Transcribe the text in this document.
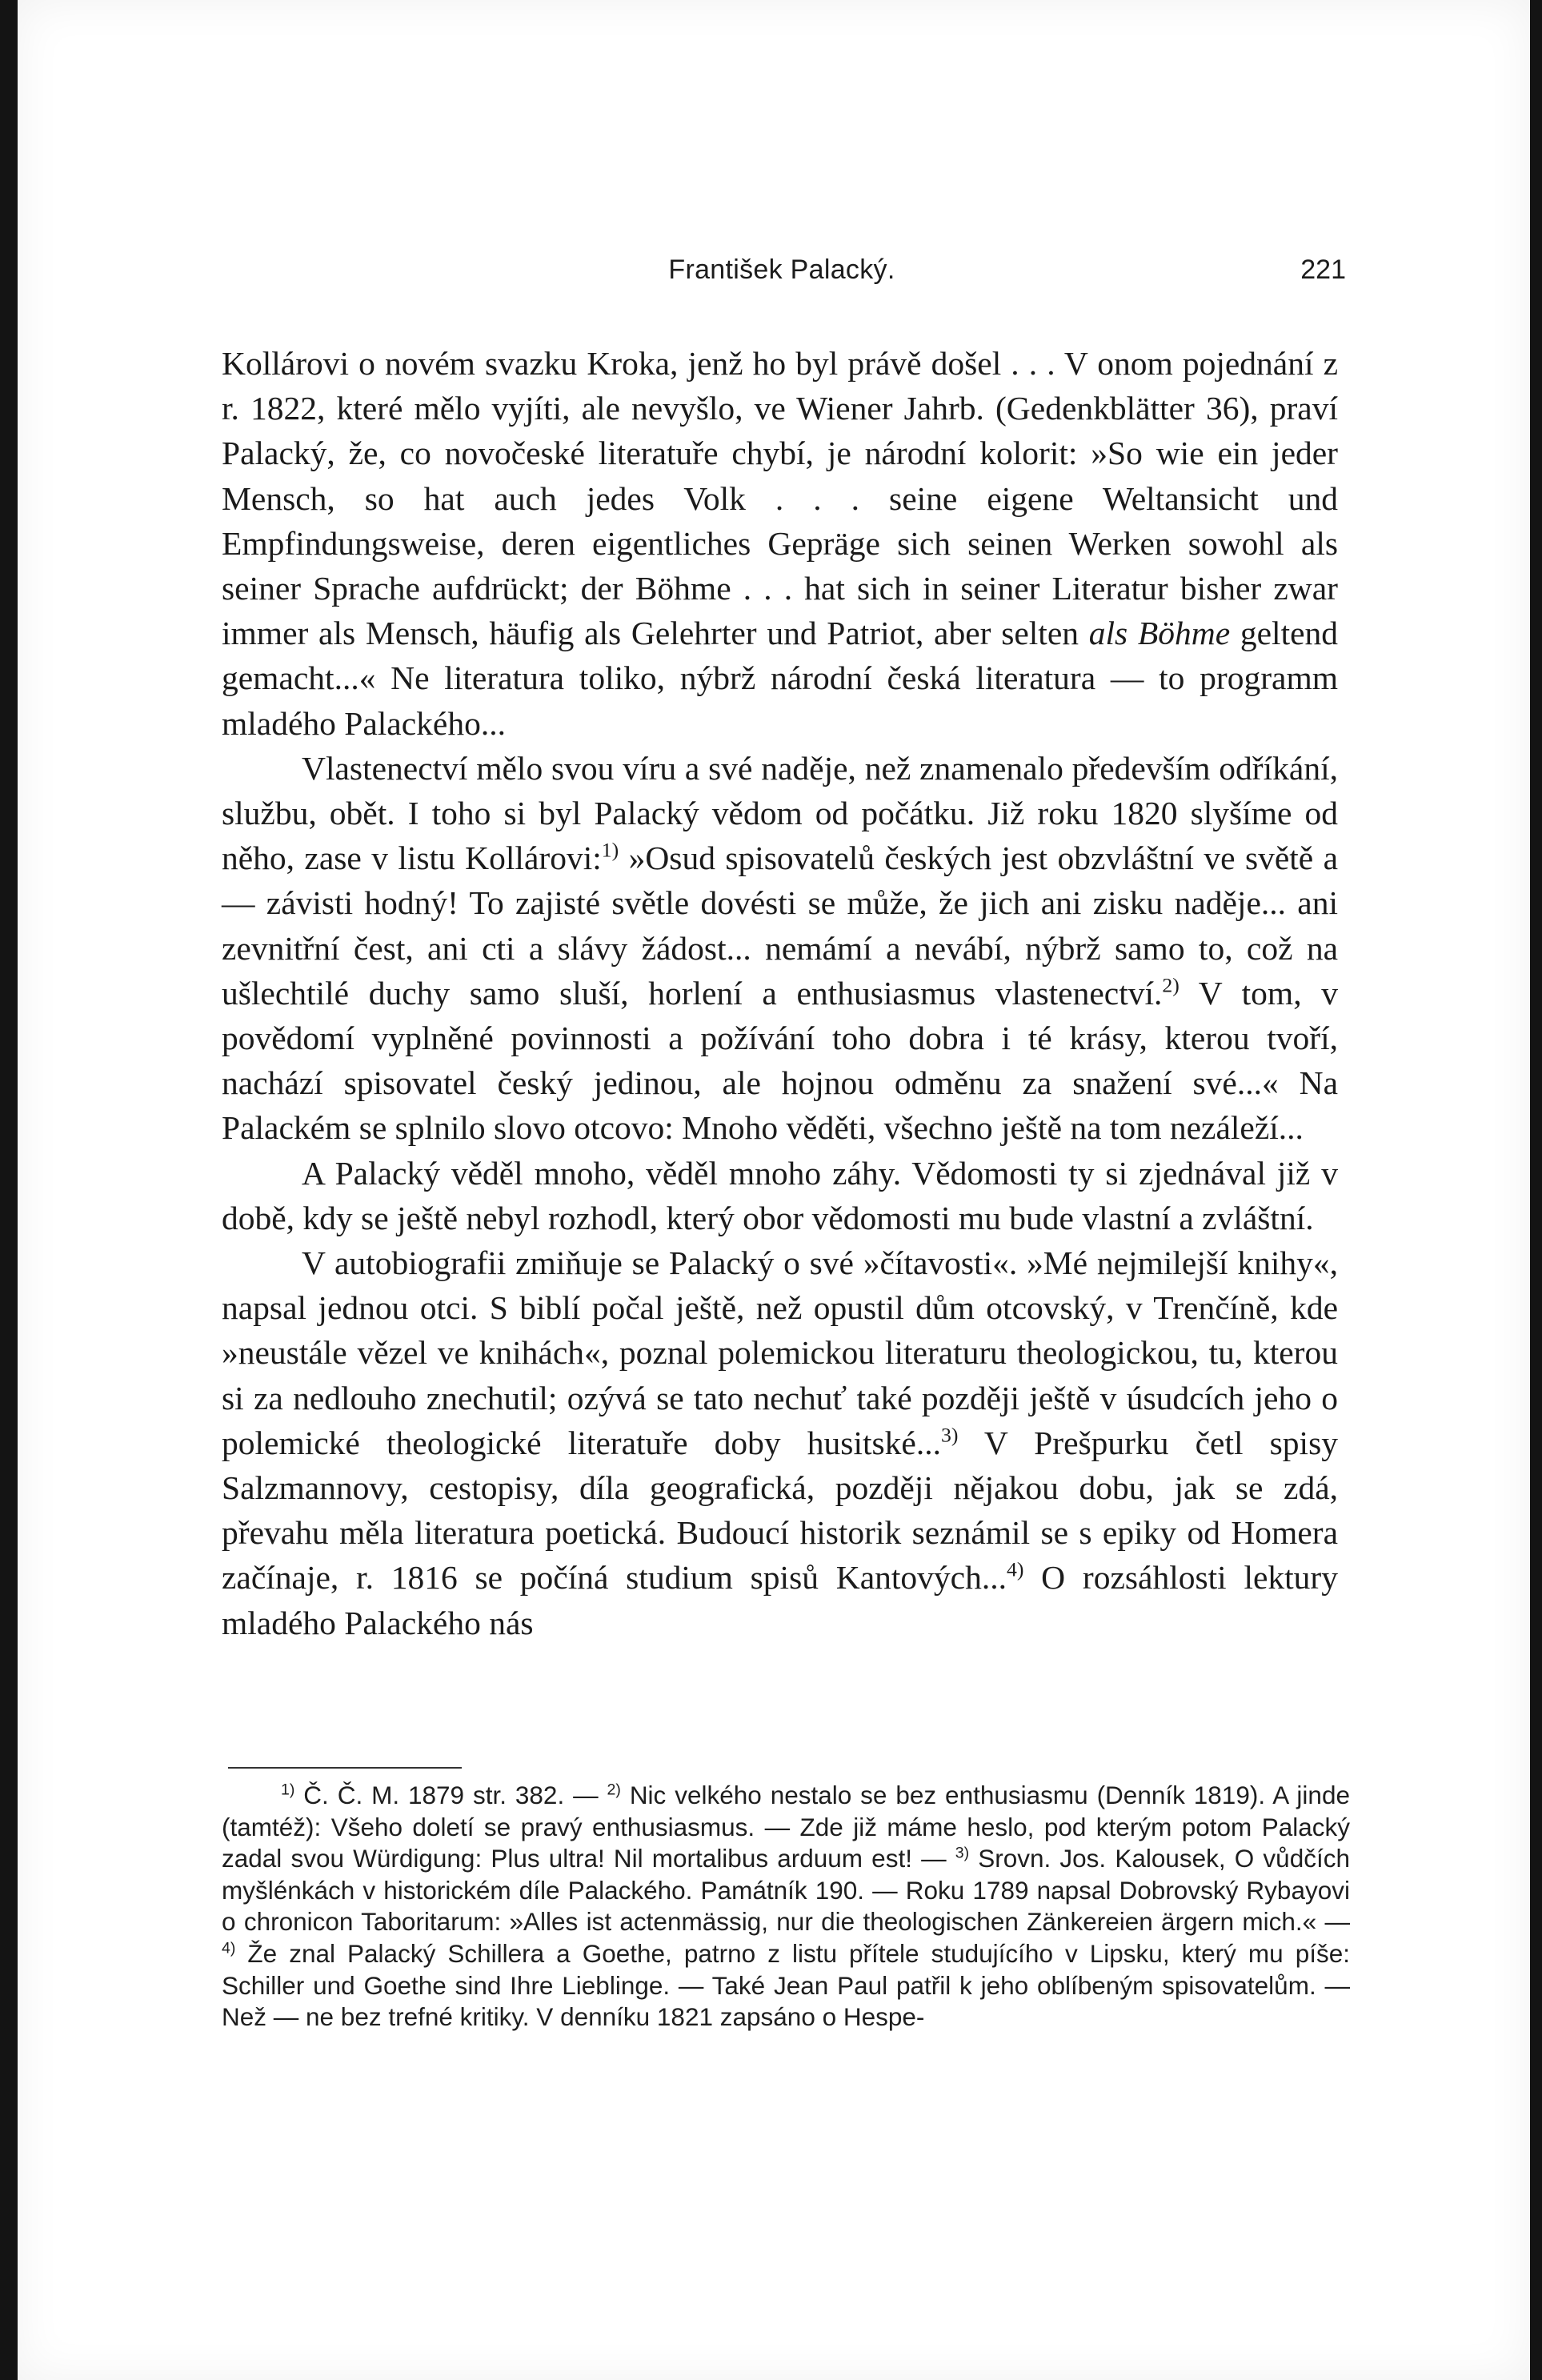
František Palacký.	221

Kollárovi o novém svazku Kroka, jenž ho byl právě došel . . . V onom pojednání z r. 1822, které mělo vyjíti, ale nevyšlo, ve Wiener Jahrb. (Gedenkblätter 36), praví Palacký, že, co novočeské literatuře chybí, je národní kolorit: »So wie ein jeder Mensch, so hat auch jedes Volk . . . seine eigene Weltansicht und Empfindungsweise, deren eigentliches Gepräge sich seinen Werken sowohl als seiner Sprache aufdrückt; der Böhme . . . hat sich in seiner Literatur bisher zwar immer als Mensch, häufig als Gelehrter und Patriot, aber selten als Böhme geltend gemacht...« Ne literatura toliko, nýbrž národní česká literatura — to programm mladého Palackého...

Vlastenectví mělo svou víru a své naděje, než znamenalo především odříkání, službu, obět. I toho si byl Palacký vědom od počátku. Již roku 1820 slyšíme od něho, zase v listu Kollárovi:$^{1)}$ »Osud spisovatelů českých jest obzvláštní ve světě a — závisti hodný! To zajisté světle dovésti se může, že jich ani zisku naděje... ani zevnitřní čest, ani cti a slávy žádost... nemámí a nevábí, nýbrž samo to, což na ušlechtilé duchy samo sluší, horlení a enthusiasmus vlastenectví.$^{2)}$ V tom, v povědomí vyplněné povinnosti a požívání toho dobra i té krásy, kterou tvoří, nachází spisovatel český jedinou, ale hojnou odměnu za snažení své...« Na Palackém se splnilo slovo otcovo: Mnoho věděti, všechno ještě na tom nezáleží...

A Palacký věděl mnoho, věděl mnoho záhy. Vědomosti ty si zjednával již v době, kdy se ještě nebyl rozhodl, který obor vědomosti mu bude vlastní a zvláštní.

V autobiografii zmiňuje se Palacký o své »čítavosti«. »Mé nejmilejší knihy«, napsal jednou otci. S biblí počal ještě, než opustil dům otcovský, v Trenčíně, kde »neustále vězel ve knihách«, poznal polemickou literaturu theologickou, tu, kterou si za nedlouho znechutil; ozývá se tato nechuť také později ještě v úsudcích jeho o polemické theologické literatuře doby husitské...$^{3)}$ V Prešpurku četl spisy Salzmannovy, cestopisy, díla geografická, později nějakou dobu, jak se zdá, převahu měla literatura poetická. Budoucí historik seznámil se s epiky od Homera začínaje, r. 1816 se počíná studium spisů Kantových...$^{4)}$ O rozsáhlosti lektury mladého Palackého nás

$^{1)}$ Č. Č. M. 1879 str. 382. — $^{2)}$ Nic velkého nestalo se bez enthusiasmu (Denník 1819). A jinde (tamtéž): Všeho doletí se pravý enthusiasmus. — Zde již máme heslo, pod kterým potom Palacký zadal svou Würdigung: Plus ultra! Nil mortalibus arduum est! — $^{3)}$ Srovn. Jos. Kalousek, O vůdčích myšlénkách v historickém díle Palackého. Památník 190. — Roku 1789 napsal Dobrovský Rybayovi o chronicon Taboritarum: »Alles ist actenmässig, nur die theologischen Zänkereien ärgern mich.« — $^{4)}$ Že znal Palacký Schillera a Goethe, patrno z listu přítele studujícího v Lipsku, který mu píše: Schiller und Goethe sind Ihre Lieblinge. — Také Jean Paul patřil k jeho oblíbeným spisovatelům. — Než — ne bez trefné kritiky. V denníku 1821 zapsáno o Hespe-
